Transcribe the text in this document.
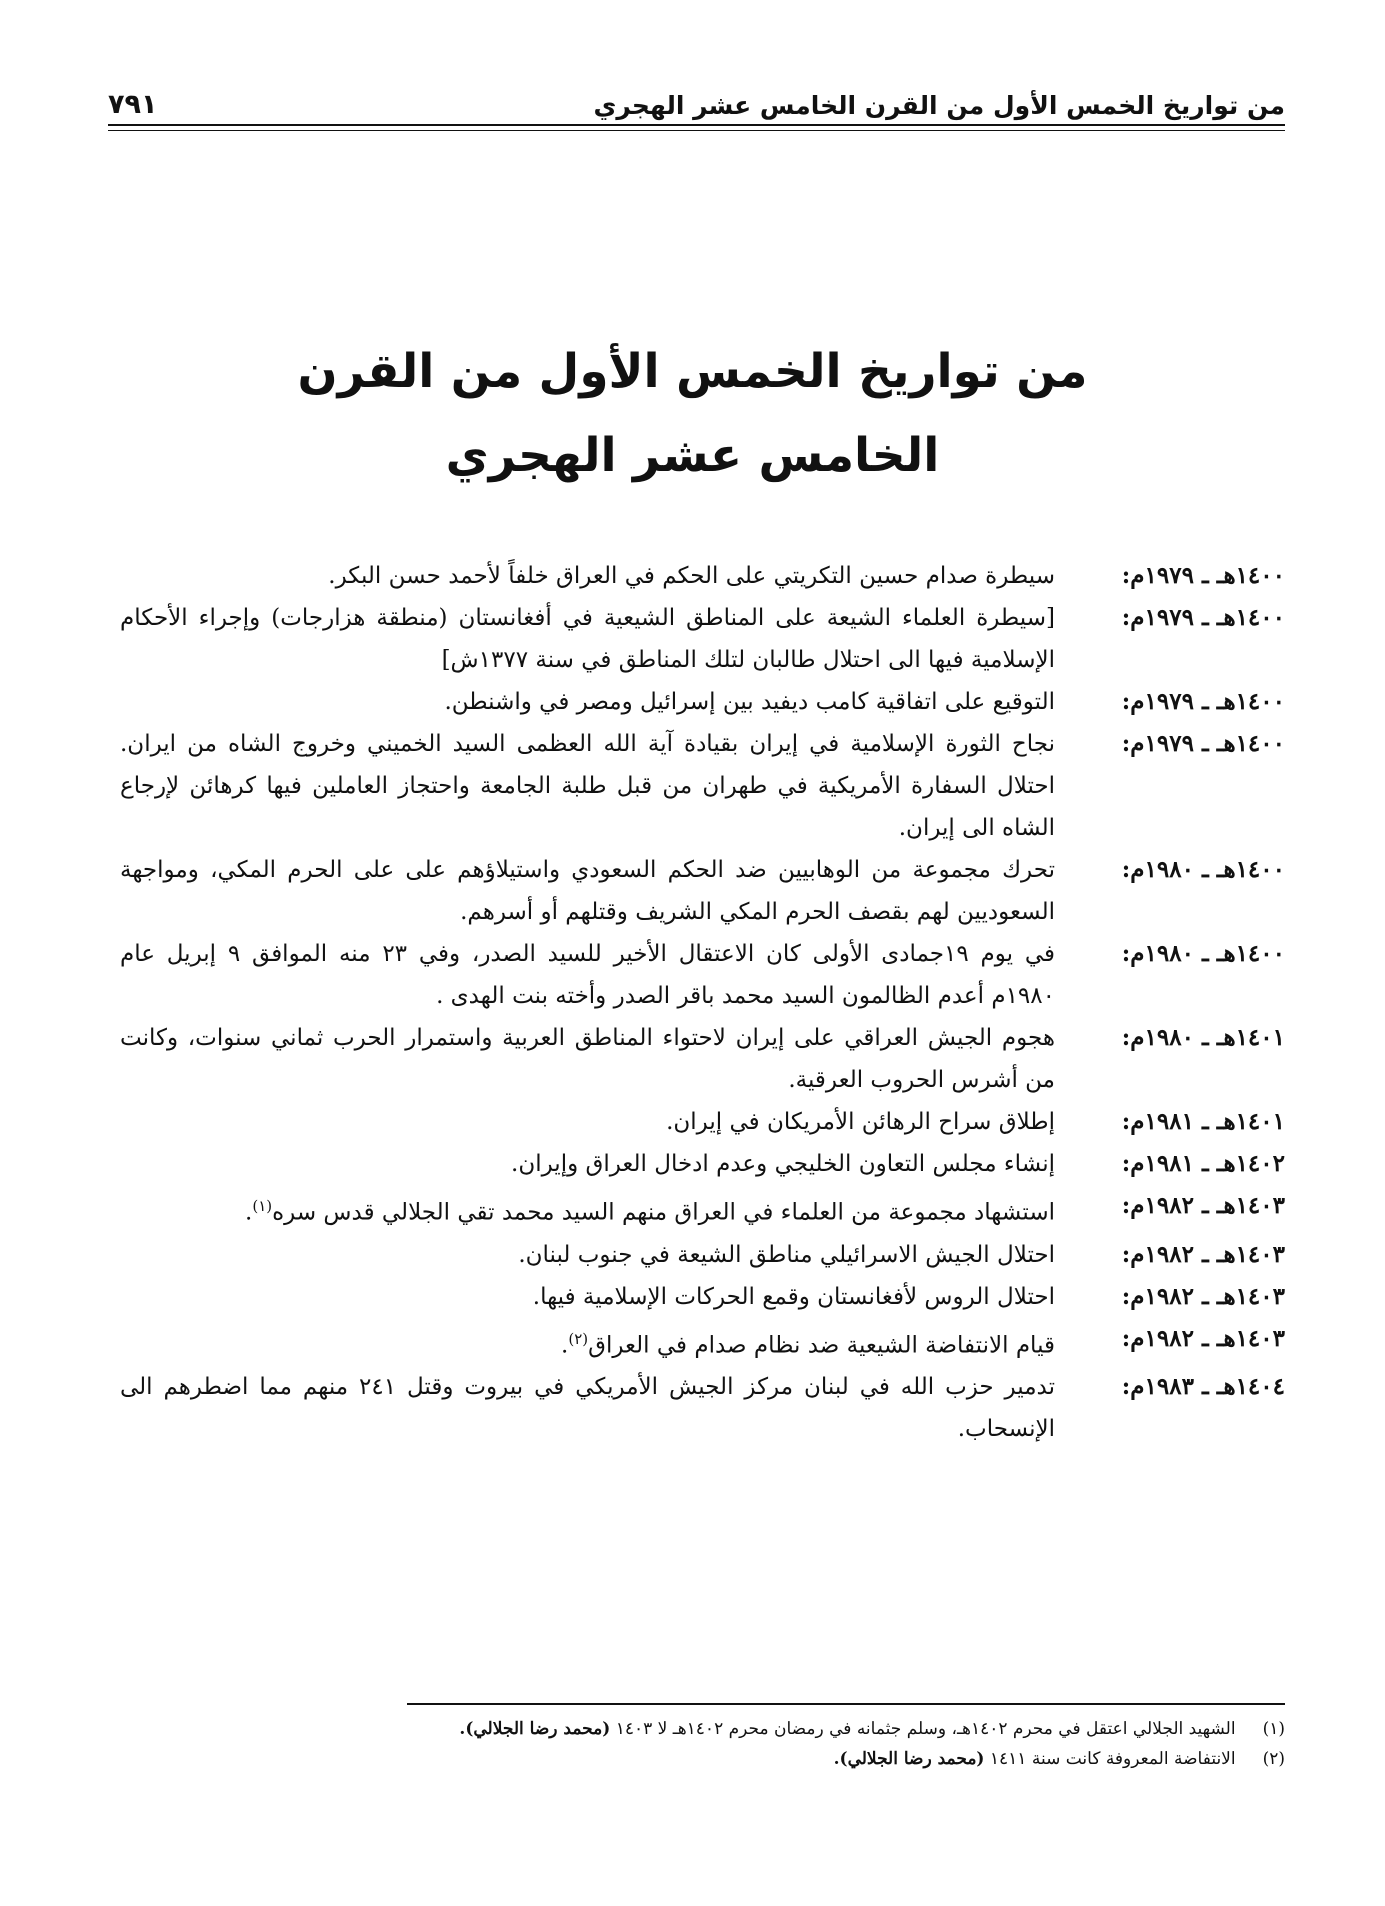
من تواريخ الخمس الأول من القرن الخامس عشر الهجري
٧٩١
من تواريخ الخمس الأول من القرن
الخامس عشر الهجري
١٤٠٠هـ ـ ١٩٧٩م:
سيطرة صدام حسين التكريتي على الحكم في العراق خلفاً لأحمد حسن البكر.
١٤٠٠هـ ـ ١٩٧٩م:
[سيطرة العلماء الشيعة على المناطق الشيعية في أفغانستان (منطقة هزارجات) وإجراء الأحكام الإسلامية فيها الى احتلال طالبان لتلك المناطق في سنة ١٣٧٧ش]
١٤٠٠هـ ـ ١٩٧٩م:
التوقيع على اتفاقية كامب ديفيد بين إسرائيل ومصر في واشنطن.
١٤٠٠هـ ـ ١٩٧٩م:
نجاح الثورة الإسلامية في إيران بقيادة آية الله العظمى السيد الخميني وخروج الشاه من ايران. احتلال السفارة الأمريكية في طهران من قبل طلبة الجامعة واحتجاز العاملين فيها كرهائن لإرجاع الشاه الى إيران.
١٤٠٠هـ ـ ١٩٨٠م:
تحرك مجموعة من الوهابيين ضد الحكم السعودي واستيلاؤهم على على الحرم المكي، ومواجهة السعوديين لهم بقصف الحرم المكي الشريف وقتلهم أو أسرهم.
١٤٠٠هـ ـ ١٩٨٠م:
في يوم ١٩جمادى الأولى كان الاعتقال الأخير للسيد الصدر، وفي ٢٣ منه الموافق ٩ إبريل عام ١٩٨٠م أعدم الظالمون السيد محمد باقر الصدر وأخته بنت الهدى .
١٤٠١هـ ـ ١٩٨٠م:
هجوم الجيش العراقي على إيران لاحتواء المناطق العربية واستمرار الحرب ثماني سنوات، وكانت من أشرس الحروب العرقية.
١٤٠١هـ ـ ١٩٨١م:
إطلاق سراح الرهائن الأمريكان في إيران.
١٤٠٢هـ ـ ١٩٨١م:
إنشاء مجلس التعاون الخليجي وعدم ادخال العراق وإيران.
١٤٠٣هـ ـ ١٩٨٢م:
استشهاد مجموعة من العلماء في العراق منهم السيد محمد تقي الجلالي قدس سره$^{(١)}$.
١٤٠٣هـ ـ ١٩٨٢م:
احتلال الجيش الاسرائيلي مناطق الشيعة في جنوب لبنان.
١٤٠٣هـ ـ ١٩٨٢م:
احتلال الروس لأفغانستان وقمع الحركات الإسلامية فيها.
١٤٠٣هـ ـ ١٩٨٢م:
قيام الانتفاضة الشيعية ضد نظام صدام في العراق$^{(٢)}$.
١٤٠٤هـ ـ ١٩٨٣م:
تدمير حزب الله في لبنان مركز الجيش الأمريكي في بيروت وقتل ٢٤١ منهم مما اضطرهم الى الإنسحاب.
(١) الشهيد الجلالي اعتقل في محرم ١٤٠٢هـ، وسلم جثمانه في رمضان محرم ١٤٠٢هـ لا ١٤٠٣ (محمد رضا الجلالي).
(٢) الانتفاضة المعروفة كانت سنة ١٤١١ (محمد رضا الجلالي).
